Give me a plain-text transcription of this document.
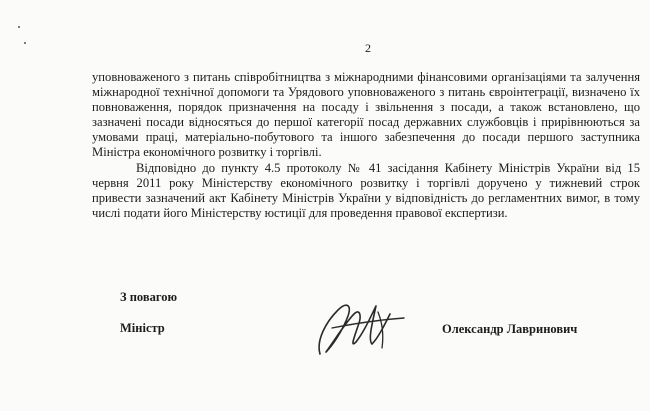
2

уповноваженого з питань співробітництва з міжнародними фінансовими організаціями та залучення міжнародної технічної допомоги та Урядового уповноваженого з питань євроінтеграції, визначено їх повноваження, порядок призначення на посаду і звільнення з посади, а також встановлено, що зазначені посади відносяться до першої категорії посад державних службовців і прирівнюються за умовами праці, матеріально-побутового та іншого забезпечення до посади першого заступника Міністра економічного розвитку і торгівлі.

Відповідно до пункту 4.5 протоколу № 41 засідання Кабінету Міністрів України від 15 червня 2011 року Міністерству економічного розвитку і торгівлі доручено у тижневий строк привести зазначений акт Кабінету Міністрів України у відповідність до регламентних вимог, в тому числі подати його Міністерству юстиції для проведення правової експертизи.

З повагою
Міністр	Олександр Лавринович
